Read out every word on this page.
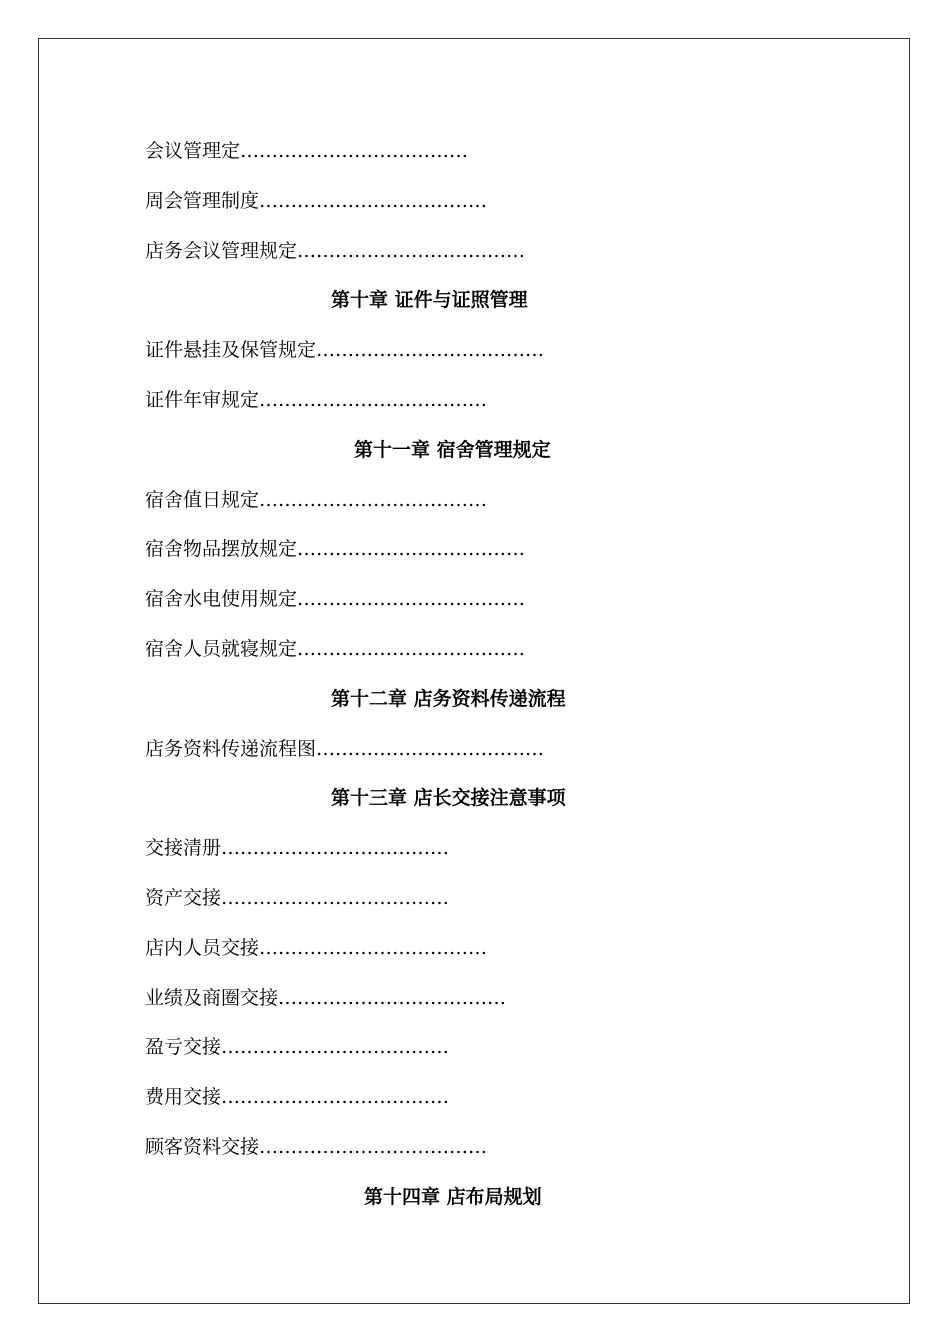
会议管理定………………………………
周会管理制度………………………………
店务会议管理规定………………………………
第十章 证件与证照管理
证件悬挂及保管规定………………………………
证件年审规定………………………………
第十一章 宿舍管理规定
宿舍值日规定………………………………
宿舍物品摆放规定………………………………
宿舍水电使用规定………………………………
宿舍人员就寝规定………………………………
第十二章 店务资料传递流程
店务资料传递流程图………………………………
第十三章 店长交接注意事项
交接清册………………………………
资产交接………………………………
店内人员交接………………………………
业绩及商圈交接………………………………
盈亏交接………………………………
费用交接………………………………
顾客资料交接………………………………
第十四章 店布局规划
